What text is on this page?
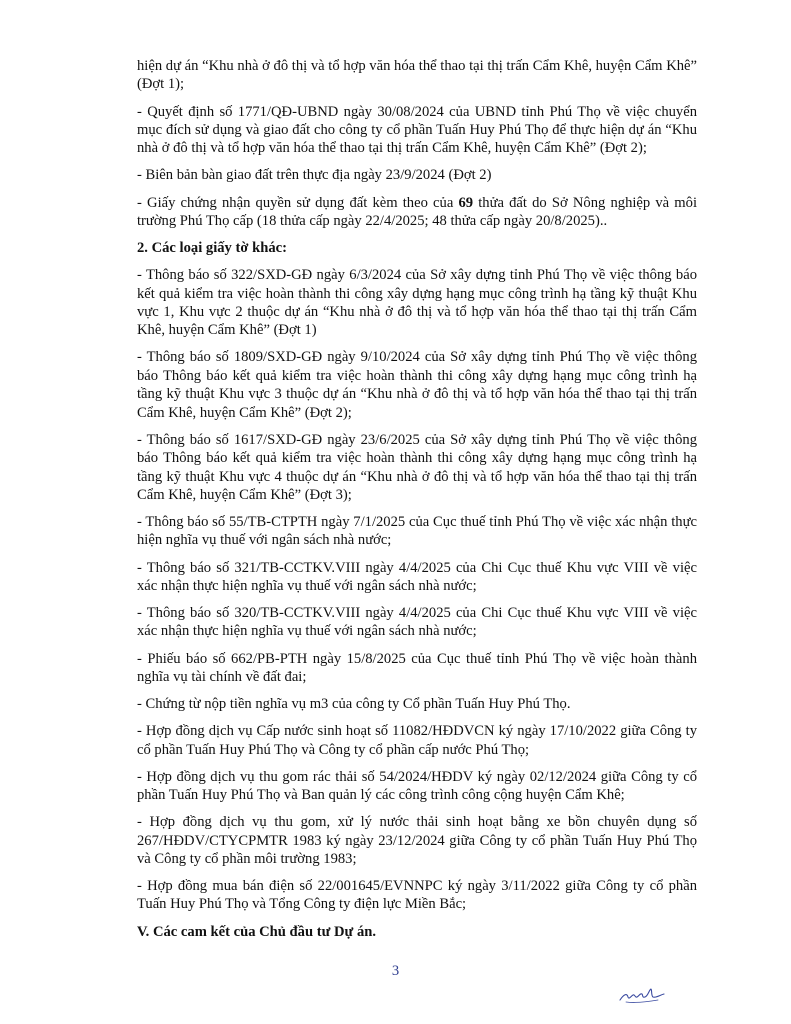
hiện dự án “Khu nhà ở đô thị và tổ hợp văn hóa thể thao tại thị trấn Cẩm Khê, huyện Cẩm Khê” (Đợt 1);

- Quyết định số 1771/QĐ-UBND ngày 30/08/2024 của UBND tỉnh Phú Thọ về việc chuyển mục đích sử dụng và giao đất cho công ty cổ phần Tuấn Huy Phú Thọ để thực hiện dự án “Khu nhà ở đô thị và tổ hợp văn hóa thể thao tại thị trấn Cẩm Khê, huyện Cẩm Khê” (Đợt 2);

- Biên bản bàn giao đất trên thực địa ngày 23/9/2024 (Đợt 2)

- Giấy chứng nhận quyền sử dụng đất kèm theo của 69 thửa đất do Sở Nông nghiệp và môi trường Phú Thọ cấp (18 thửa cấp ngày 22/4/2025; 48 thửa cấp ngày 20/8/2025)..

2. Các loại giấy tờ khác:

- Thông báo số 322/SXD-GĐ ngày 6/3/2024 của Sở xây dựng tỉnh Phú Thọ về việc thông báo kết quả kiểm tra việc hoàn thành thi công xây dựng hạng mục công trình hạ tầng kỹ thuật Khu vực 1, Khu vực 2 thuộc dự án “Khu nhà ở đô thị và tổ hợp văn hóa thể thao tại thị trấn Cẩm Khê, huyện Cẩm Khê” (Đợt 1)

- Thông báo số 1809/SXD-GĐ ngày 9/10/2024 của Sở xây dựng tỉnh Phú Thọ về việc thông báo Thông báo kết quả kiểm tra việc hoàn thành thi công xây dựng hạng mục công trình hạ tầng kỹ thuật Khu vực 3 thuộc dự án “Khu nhà ở đô thị và tổ hợp văn hóa thể thao tại thị trấn Cẩm Khê, huyện Cẩm Khê” (Đợt 2);

- Thông báo số 1617/SXD-GĐ ngày 23/6/2025 của Sở xây dựng tỉnh Phú Thọ về việc thông báo Thông báo kết quả kiểm tra việc hoàn thành thi công xây dựng hạng mục công trình hạ tầng kỹ thuật Khu vực 4 thuộc dự án “Khu nhà ở đô thị và tổ hợp văn hóa thể thao tại thị trấn Cẩm Khê, huyện Cẩm Khê” (Đợt 3);

- Thông báo số 55/TB-CTPTH ngày 7/1/2025 của Cục thuế tỉnh Phú Thọ về việc xác nhận thực hiện nghĩa vụ thuế với ngân sách nhà nước;

- Thông báo số 321/TB-CCTKV.VIII ngày 4/4/2025 của Chi Cục thuế Khu vực VIII về việc xác nhận thực hiện nghĩa vụ thuế với ngân sách nhà nước;

- Thông báo số 320/TB-CCTKV.VIII ngày 4/4/2025 của Chi Cục thuế Khu vực VIII về việc xác nhận thực hiện nghĩa vụ thuế với ngân sách nhà nước;

- Phiếu báo số 662/PB-PTH ngày 15/8/2025 của Cục thuế tỉnh Phú Thọ về việc hoàn thành nghĩa vụ tài chính về đất đai;

- Chứng từ nộp tiền nghĩa vụ m3 của công ty Cổ phần Tuấn Huy Phú Thọ.

- Hợp đồng dịch vụ Cấp nước sinh hoạt số 11082/HĐDVCN ký ngày 17/10/2022 giữa Công ty cổ phần Tuấn Huy Phú Thọ và Công ty cổ phần cấp nước Phú Thọ;

- Hợp đồng dịch vụ thu gom rác thải số 54/2024/HĐDV ký ngày 02/12/2024 giữa Công ty cổ phần Tuấn Huy Phú Thọ và Ban quản lý các công trình công cộng huyện Cẩm Khê;

- Hợp đồng dịch vụ thu gom, xử lý nước thải sinh hoạt bằng xe bồn chuyên dụng số 267/HĐDV/CTYCPMTR 1983 ký ngày 23/12/2024 giữa Công ty cổ phần Tuấn Huy Phú Thọ và Công ty cổ phần môi trường 1983;

- Hợp đồng mua bán điện số 22/001645/EVNNPC ký ngày 3/11/2022 giữa Công ty cổ phần Tuấn Huy Phú Thọ và Tổng Công ty điện lực Miền Bắc;

V. Các cam kết của Chủ đầu tư Dự án.

3
